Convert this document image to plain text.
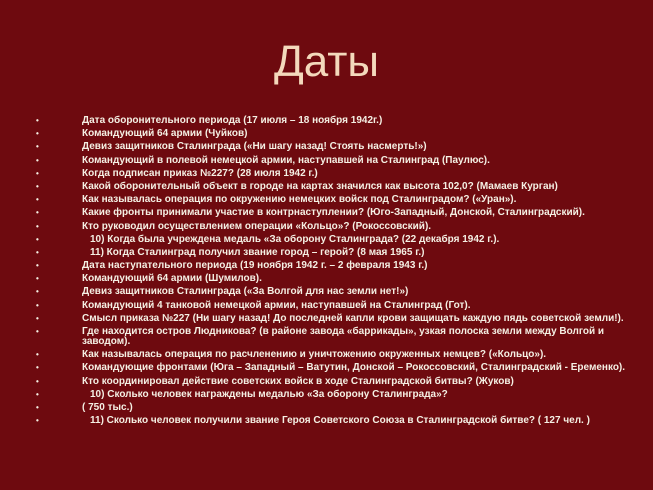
Даты
•	Дата оборонительного периода (17 июля – 18 ноября 1942г.)
•	Командующий 64 армии (Чуйков)
•	Девиз защитников Сталинграда («Ни шагу назад! Стоять насмерть!»)
•	Командующий в полевой немецкой армии, наступавшей на Сталинград (Паулюс).
•	Когда подписан приказ №227? (28 июля 1942 г.)
•	Какой оборонительный объект в городе на картах значился как высота 102,0? (Мамаев Курган)
•	Как называлась операция по окружению немецких войск под Сталинградом? («Уран»).
•	Какие фронты принимали участие в контрнаступлении? (Юго-Западный, Донской, Сталинградский).
•	Кто руководил осуществлением операции «Кольцо»? (Рокоссовский).
•	10) Когда была учреждена медаль «За оборону Сталинграда? (22 декабря 1942 г.).
•	11) Когда Сталинград получил звание город – герой? (8 мая 1965 г.)
•	Дата наступательного периода (19 ноября 1942 г. – 2 февраля 1943 г.)
•	Командующий 64 армии (Шумилов).
•	Девиз защитников Сталинграда («За Волгой для нас земли нет!»)
•	Командующий 4 танковой немецкой армии, наступавшей на Сталинград (Гот).
•	Смысл приказа №227 (Ни шагу назад! До последней капли крови защищать каждую пядь советской земли!).
•	Где находится остров Людникова? (в районе завода «баррикады», узкая полоска земли между Волгой и заводом).
•	Как называлась операция по расчленению и уничтожению окруженных немцев? («Кольцо»).
•	Командующие фронтами (Юга – Западный – Ватутин, Донской – Рокоссовский, Сталинградский - Еременко).
•	Кто координировал действие советских войск в ходе Сталинградской битвы? (Жуков)
•	10) Сколько человек награждены медалью «За оборону Сталинграда»?
•	( 750 тыс.)
•	11) Сколько человек получили звание Героя Советского Союза в Сталинградской битве? ( 127 чел. )
